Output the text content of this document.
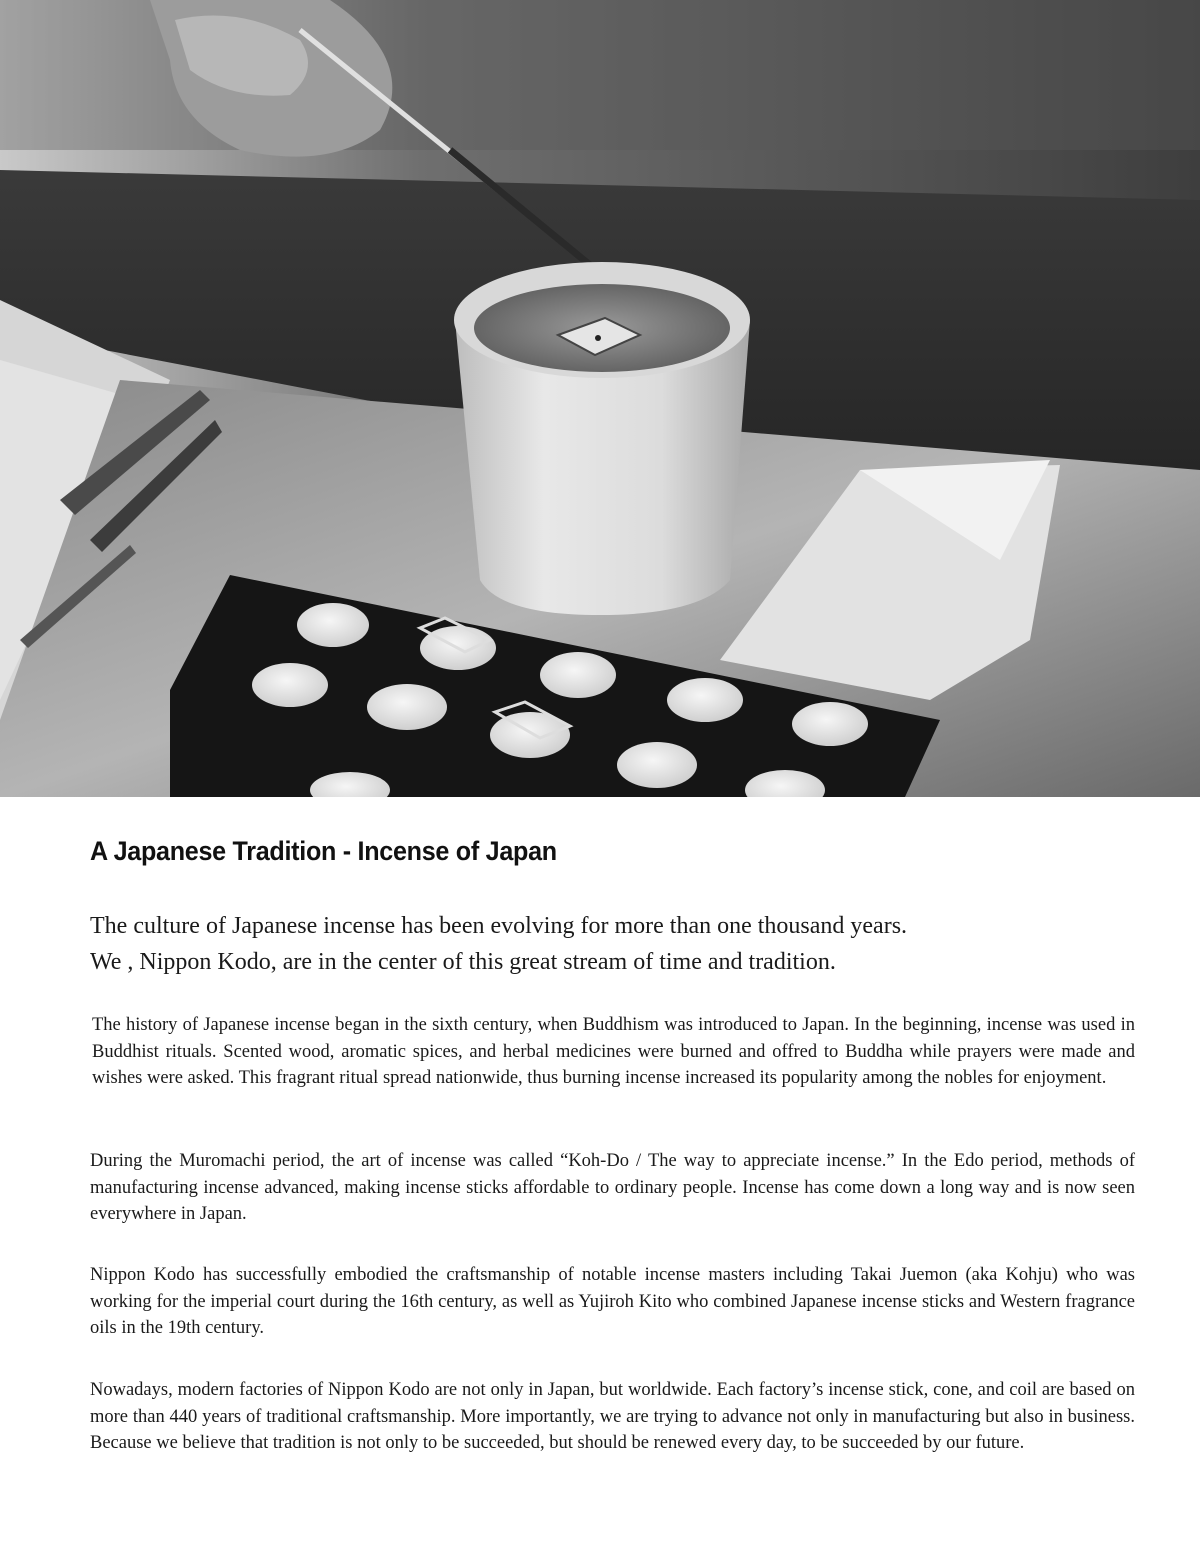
A Japanese Tradition - Incense of Japan

The culture of Japanese incense has been evolving for more than one thousand years.

We , Nippon Kodo, are in the center of this great stream of time and tradition.

The history of Japanese incense began in the sixth century, when Buddhism was introduced to Japan. In the beginning, incense was used in Buddhist rituals. Scented wood, aromatic spices, and herbal medicines were burned and offred to Buddha while prayers were made and wishes were asked. This fragrant ritual spread nationwide, thus burning incense increased its popularity among the nobles for enjoyment.

During the Muromachi period, the art of incense was called “Koh-Do / The way to appreciate incense.” In the Edo period, methods of manufacturing incense advanced, making incense sticks affordable to ordinary people. Incense has come down a long way and is now seen everywhere in Japan.

Nippon Kodo has successfully embodied the craftsmanship of notable incense masters including Takai Juemon (aka Kohju) who was working for the imperial court during the 16th century, as well as Yujiroh Kito who combined Japanese incense sticks and Western fragrance oils in the 19th century.

Nowadays, modern factories of Nippon Kodo are not only in Japan, but worldwide. Each factory’s incense stick, cone, and coil are based on more than 440 years of traditional craftsmanship. More importantly, we are trying to advance not only in manufacturing but also in business. Because we believe that tradition is not only to be succeeded, but should be renewed every day, to be succeeded by our future.
